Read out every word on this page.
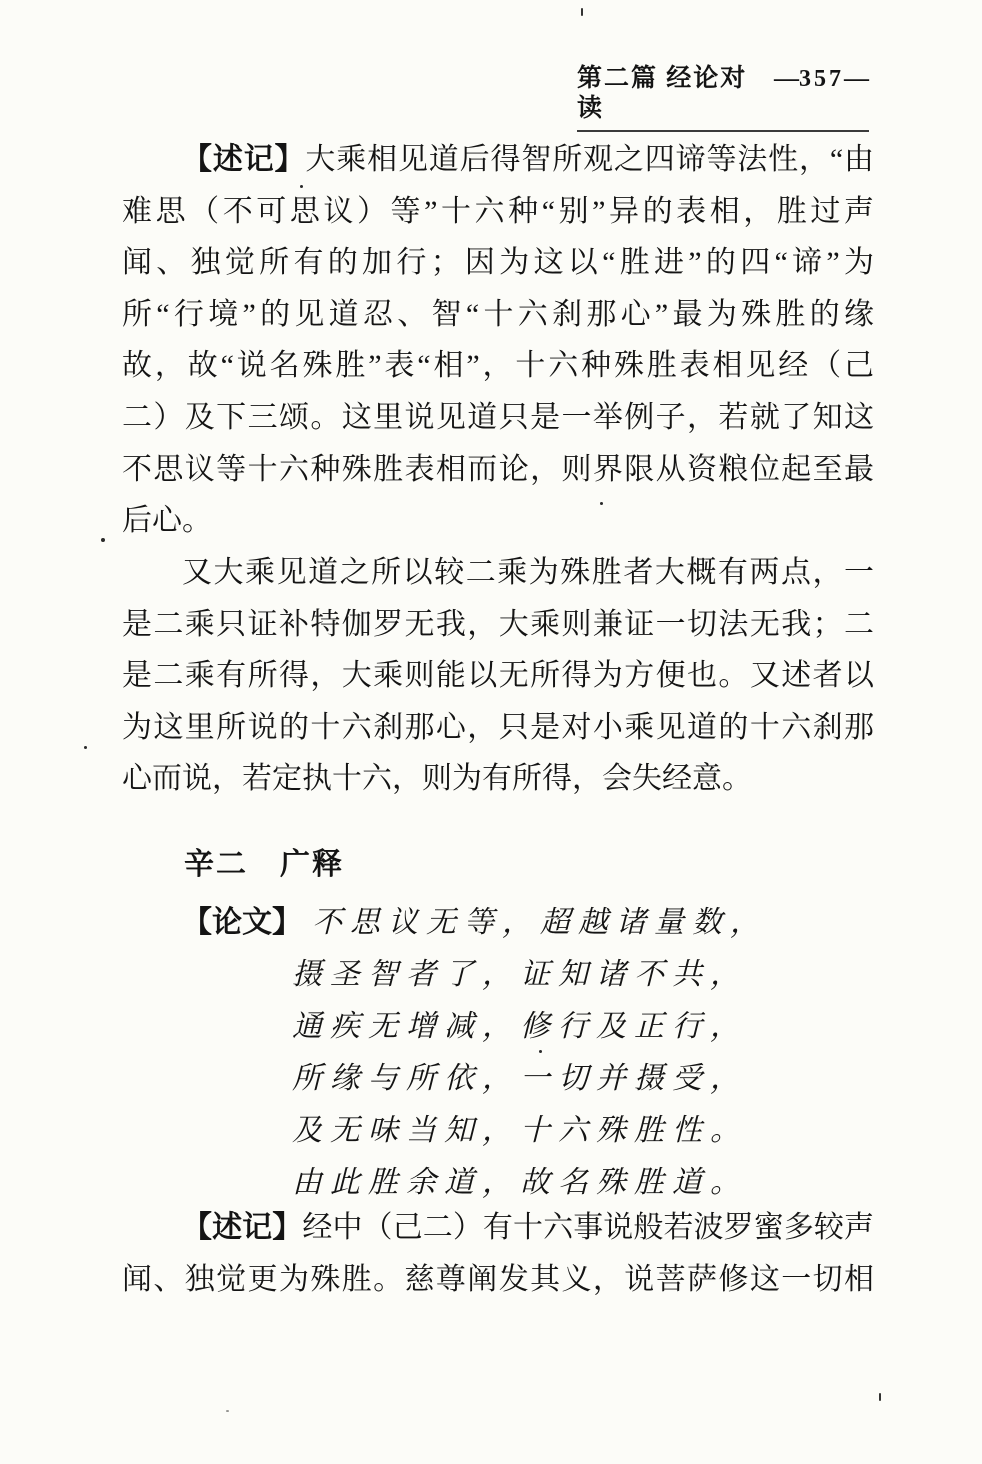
第二篇 经论对读
— 357 —
【述记】大乘相见道后得智所观之四谛等法性，“由
难思（不可思议）等”十六种“别”异的表相，胜过声
闻、独觉所有的加行；因为这以“胜进”的四“谛”为
所“行境”的见道忍、智“十六刹那心”最为殊胜的缘
故，故“说名殊胜”表“相”，十六种殊胜表相见经（己
二）及下三颂。这里说见道只是一举例子，若就了知这
不思议等十六种殊胜表相而论，则界限从资粮位起至最
后心。
又大乘见道之所以较二乘为殊胜者大概有两点，一
是二乘只证补特伽罗无我，大乘则兼证一切法无我；二
是二乘有所得，大乘则能以无所得为方便也。又述者以
为这里所说的十六刹那心，只是对小乘见道的十六刹那
心而说，若定执十六，则为有所得，会失经意。
辛二　广释
【论文】 不思议无等，超越诸量数，
摄圣智者了，证知诸不共，
通疾无增减，修行及正行，
所缘与所依，一切并摄受，
及无味当知，十六殊胜性。
由此胜余道，故名殊胜道。
【述记】经中（己二）有十六事说般若波罗蜜多较声
闻、独觉更为殊胜。慈尊阐发其义，说菩萨修这一切相
